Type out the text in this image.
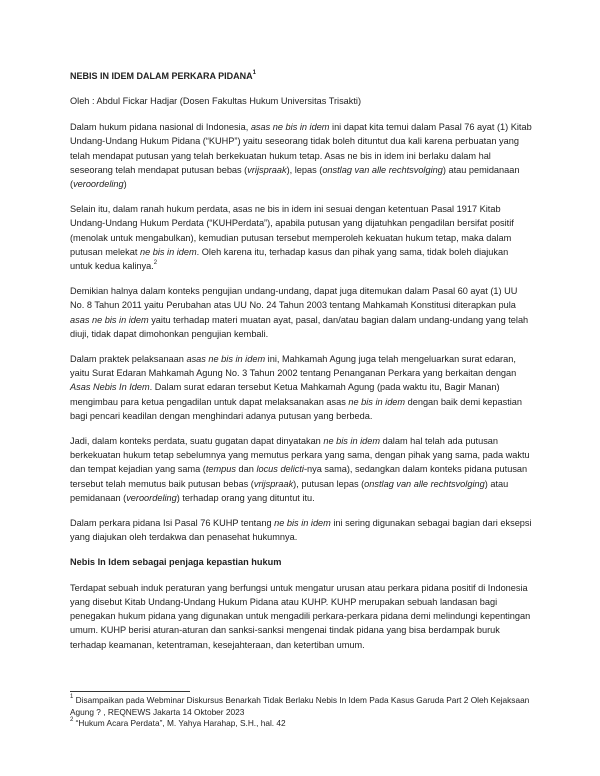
NEBIS IN IDEM DALAM PERKARA PIDANA$^1$

Oleh : Abdul Fickar Hadjar (Dosen Fakultas Hukum Universitas Trisakti)

Dalam hukum pidana nasional di Indonesia, asas ne bis in idem ini dapat kita temui dalam Pasal 76 ayat (1) Kitab Undang-Undang Hukum Pidana (“KUHP”) yaitu seseorang tidak boleh dituntut dua kali karena perbuatan yang telah mendapat putusan yang telah berkekuatan hukum tetap. Asas ne bis in idem ini berlaku dalam hal seseorang telah mendapat putusan bebas (vrijspraak), lepas (onstlag van alle rechtsvolging) atau pemidanaan (veroordeling)

Selain itu, dalam ranah hukum perdata, asas ne bis in idem ini sesuai dengan ketentuan Pasal 1917 Kitab Undang-Undang Hukum Perdata (“KUHPerdata”), apabila putusan yang dijatuhkan pengadilan bersifat positif (menolak untuk mengabulkan), kemudian putusan tersebut memperoleh kekuatan hukum tetap, maka dalam putusan melekat ne bis in idem. Oleh karena itu, terhadap kasus dan pihak yang sama, tidak boleh diajukan untuk kedua kalinya.$^2$

Demikian halnya dalam konteks pengujian undang-undang, dapat juga ditemukan dalam Pasal 60 ayat (1) UU No. 8 Tahun 2011 yaitu Perubahan atas UU No. 24 Tahun 2003 tentang Mahkamah Konstitusi diterapkan pula asas ne bis in idem yaitu terhadap materi muatan ayat, pasal, dan/atau bagian dalam undang-undang yang telah diuji, tidak dapat dimohonkan pengujian kembali.

Dalam praktek pelaksanaan asas ne bis in idem ini, Mahkamah Agung juga telah mengeluarkan surat edaran, yaitu Surat Edaran Mahkamah Agung No. 3 Tahun 2002 tentang Penanganan Perkara yang berkaitan dengan Asas Nebis In Idem. Dalam surat edaran tersebut Ketua Mahkamah Agung (pada waktu itu, Bagir Manan) mengimbau para ketua pengadilan untuk dapat melaksanakan asas ne bis in idem dengan baik demi kepastian bagi pencari keadilan dengan menghindari adanya putusan yang berbeda.

Jadi, dalam konteks perdata, suatu gugatan dapat dinyatakan ne bis in idem dalam hal telah ada putusan berkekuatan hukum tetap sebelumnya yang memutus perkara yang sama, dengan pihak yang sama, pada waktu dan tempat kejadian yang sama (tempus dan locus delicti-nya sama), sedangkan dalam konteks pidana putusan tersebut telah memutus baik putusan bebas (vrijspraak), putusan lepas (onstlag van alle rechtsvolging) atau pemidanaan (veroordeling) terhadap orang yang dituntut itu.

Dalam perkara pidana Isi Pasal 76 KUHP tentang ne bis in idem ini sering digunakan sebagai bagian dari eksepsi yang diajukan oleh terdakwa dan penasehat hukumnya.

Nebis In Idem sebagai penjaga kepastian hukum

Terdapat sebuah induk peraturan yang berfungsi untuk mengatur urusan atau perkara pidana positif di Indonesia yang disebut Kitab Undang-Undang Hukum Pidana atau KUHP. KUHP merupakan sebuah landasan bagi penegakan hukum pidana yang digunakan untuk mengadili perkara-perkara pidana demi melindungi kepentingan umum. KUHP berisi aturan-aturan dan sanksi-sanksi mengenai tindak pidana yang bisa berdampak buruk terhadap keamanan, ketentraman, kesejahteraan, dan ketertiban umum.

$^1$ Disampaikan pada Webminar Diskursus Benarkah Tidak Berlaku Nebis In Idem Pada Kasus Garuda Part 2 Oleh Kejaksaan Agung ? , REQNEWS Jakarta 14 Oktober 2023

$^2$ “Hukum Acara Perdata”, M. Yahya Harahap, S.H., hal. 42
